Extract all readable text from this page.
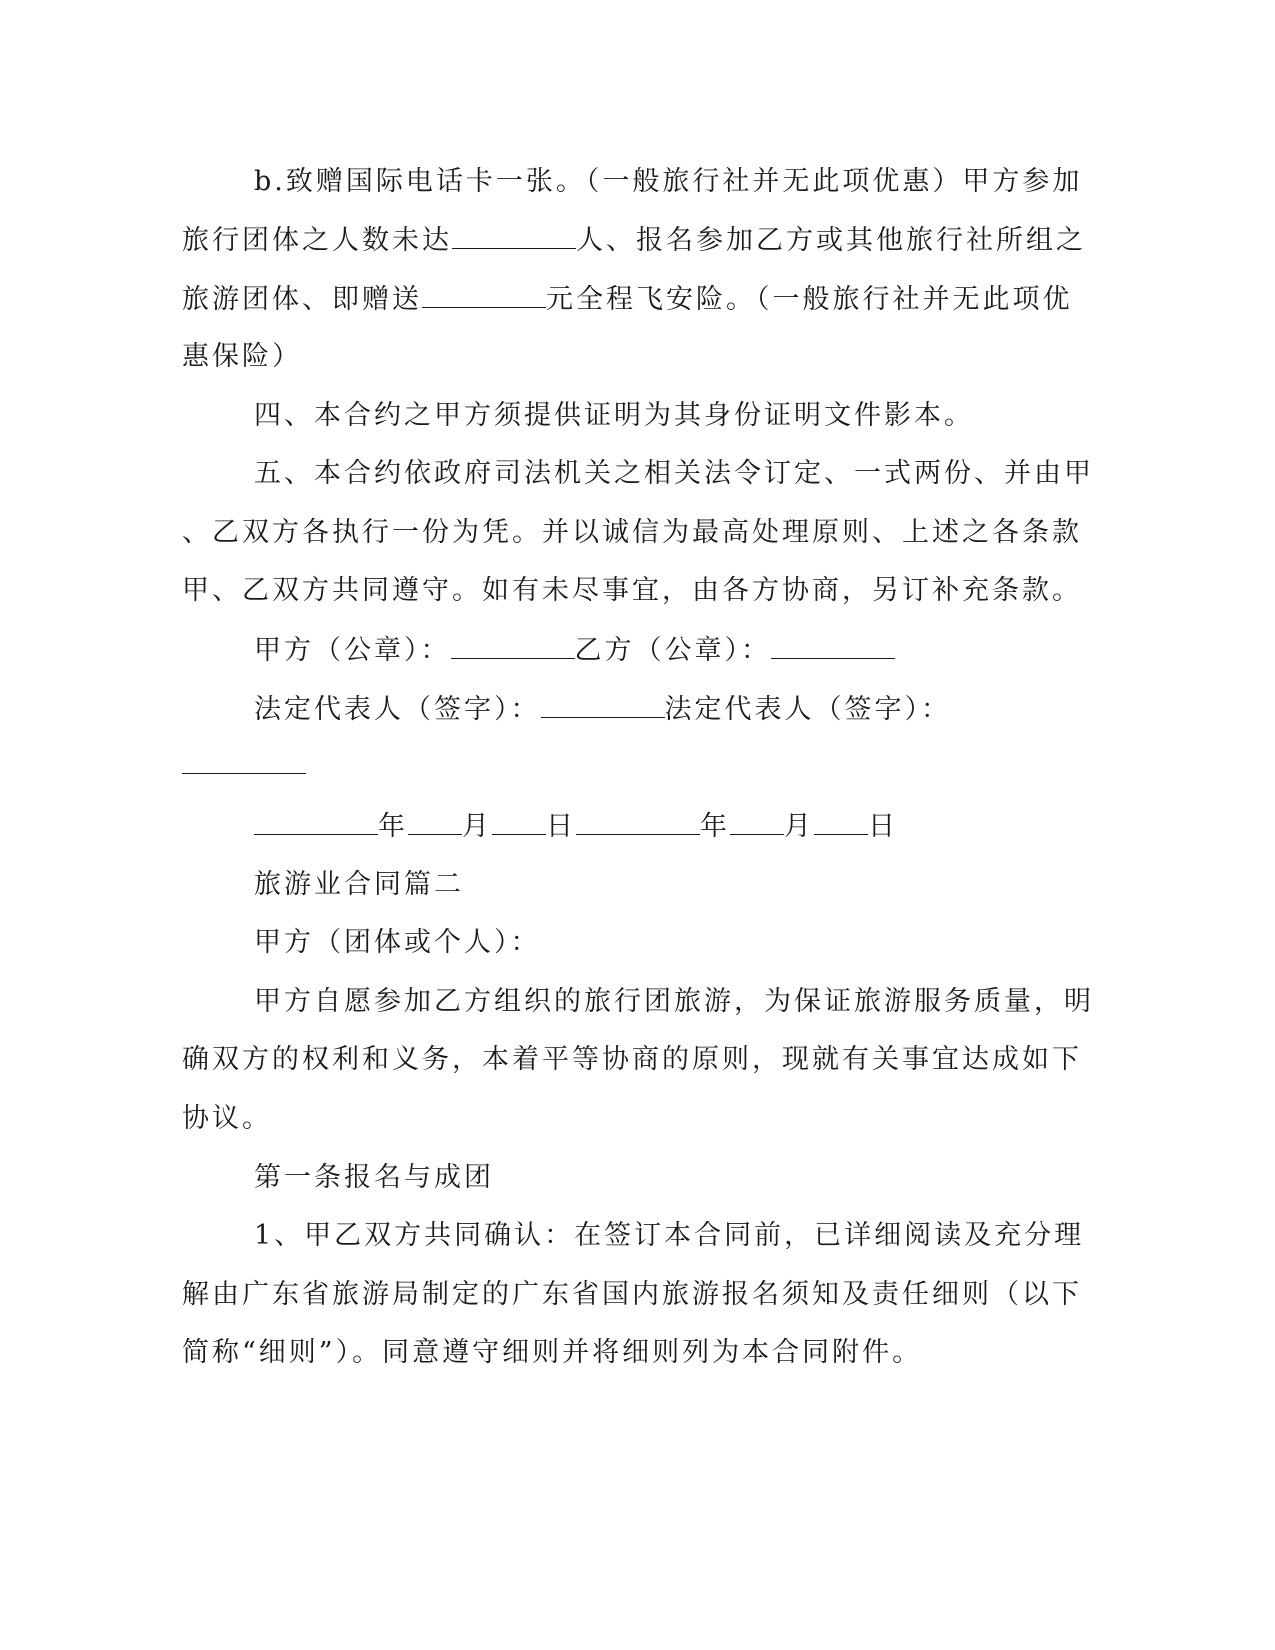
b.致赠国际电话卡一张。（一般旅行社并无此项优惠）甲方参加
旅行团体之人数未达	人、报名参加乙方或其他旅行社所组之
旅游团体、即赠送	元全程飞安险。（一般旅行社并无此项优
惠保险）
四、本合约之甲方须提供证明为其身份证明文件影本。
五、本合约依政府司法机关之相关法令订定、一式两份、并由甲
、乙双方各执行一份为凭。并以诚信为最高处理原则、上述之各条款
甲、乙双方共同遵守。如有未尽事宜，由各方协商，另订补充条款。
甲方（公章）：	乙方（公章）：
法定代表人（签字）：	法定代表人（签字）：
年 月 日	年 月 日
旅游业合同篇二
甲方（团体或个人）：
甲方自愿参加乙方组织的旅行团旅游，为保证旅游服务质量，明
确双方的权利和义务，本着平等协商的原则，现就有关事宜达成如下
协议。
第一条报名与成团
1、甲乙双方共同确认：在签订本合同前，已详细阅读及充分理
解由广东省旅游局制定的广东省国内旅游报名须知及责任细则（以下
简称“细则”）。同意遵守细则并将细则列为本合同附件。
